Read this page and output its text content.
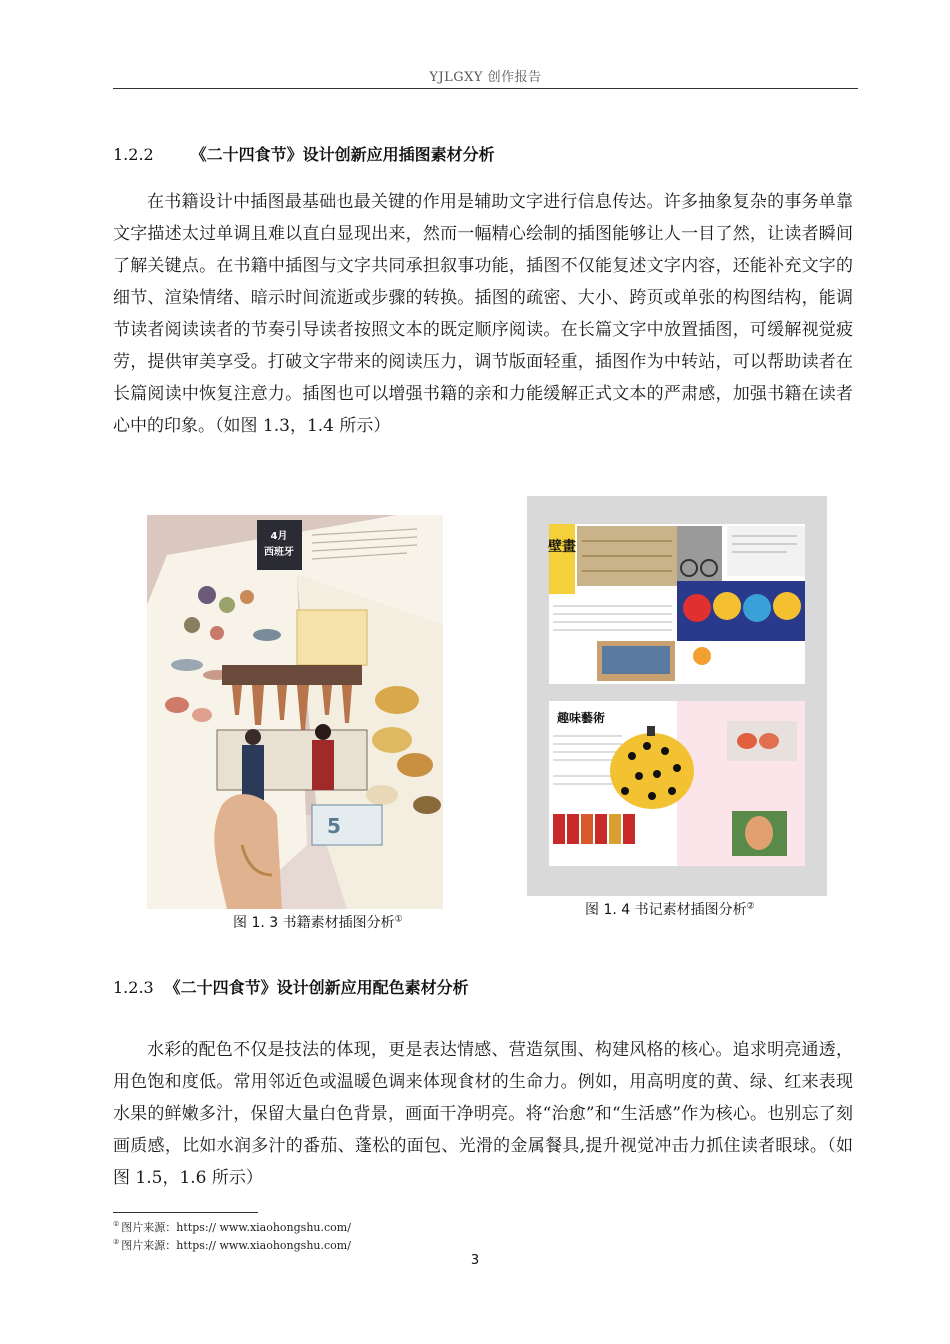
YJLGXY 创作报告
1.2.2 《二十四食节》设计创新应用插图素材分析
在书籍设计中插图最基础也最关键的作用是辅助文字进行信息传达。许多抽象复杂的事务单靠文字描述太过单调且难以直白显现出来，然而一幅精心绘制的插图能够让人一目了然，让读者瞬间了解关键点。在书籍中插图与文字共同承担叙事功能，插图不仅能复述文字内容，还能补充文字的细节、渲染情绪、暗示时间流逝或步骤的转换。插图的疏密、大小、跨页或单张的构图结构，能调节读者阅读读者的节奏引导读者按照文本的既定顺序阅读。在长篇文字中放置插图，可缓解视觉疲劳，提供审美享受。打破文字带来的阅读压力，调节版面轻重，插图作为中转站，可以帮助读者在长篇阅读中恢复注意力。插图也可以增强书籍的亲和力能缓解正式文本的严肃感，加强书籍在读者心中的印象。（如图 1.3，1.4 所示）
4月
西班牙
5
图 1. 3 书籍素材插图分析①
壁畫
趣味藝術
图 1. 4 书记素材插图分析②
1.2.3 《二十四食节》设计创新应用配色素材分析
水彩的配色不仅是技法的体现，更是表达情感、营造氛围、构建风格的核心。追求明亮通透，用色饱和度低。常用邻近色或温暖色调来体现食材的生命力。例如，用高明度的黄、绿、红来表现水果的鲜嫩多汁，保留大量白色背景，画面干净明亮。将“治愈”和“生活感”作为核心。也别忘了刻画质感，比如水润多汁的番茄、蓬松的面包、光滑的金属餐具,提升视觉冲击力抓住读者眼球。（如图 1.5，1.6 所示）
① 图片来源：https:// www.xiaohongshu.com/
② 图片来源：https:// www.xiaohongshu.com/
3
